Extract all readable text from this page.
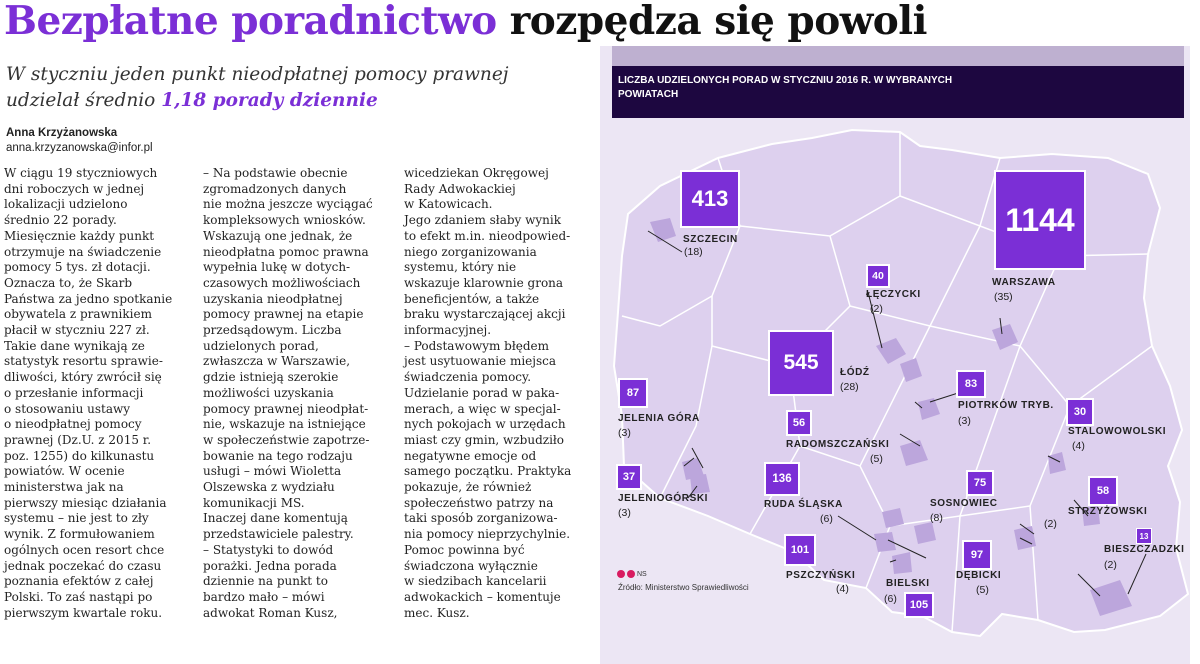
Bezpłatne poradnictwo rozpędza się powoli
W styczniu jeden punkt nieodpłatnej pomocy prawnej udzielał średnio 1,18 porady dziennie
Anna Krzyżanowska
anna.krzyzanowska@infor.pl

W ciągu 19 styczniowych
dni roboczych w jednej
lokalizacji udzielono
średnio 22 porady.
Miesięcznie każdy punkt
otrzymuje na świadczenie
pomocy 5 tys. zł dotacji.
Oznacza to, że Skarb
Państwa za jedno spotkanie
obywatela z prawnikiem
płacił w styczniu 227 zł.
Takie dane wynikają ze
statystyk resortu sprawie-
dliwości, który zwrócił się
o przesłanie informacji
o stosowaniu ustawy
o nieodpłatnej pomocy
prawnej (Dz.U. z 2015 r.
poz. 1255) do kilkunastu
powiatów. W ocenie
ministerstwa jak na
pierwszy miesiąc działania
systemu – nie jest to zły
wynik. Z formułowaniem
ogólnych ocen resort chce
jednak poczekać do czasu
poznania efektów z całej
Polski. To zaś nastąpi po
pierwszym kwartale roku.

– Na podstawie obecnie
zgromadzonych danych
nie można jeszcze wyciągać
kompleksowych wniosków.
Wskazują one jednak, że
nieodpłatna pomoc prawna
wypełnia lukę w dotych-
czasowych możliwościach
uzyskania nieodpłatnej
pomocy prawnej na etapie
przedsądowym. Liczba
udzielonych porad,
zwłaszcza w Warszawie,
gdzie istnieją szerokie
możliwości uzyskania
pomocy prawnej nieodpłat-
nie, wskazuje na istniejące
w społeczeństwie zapotrze-
bowanie na tego rodzaju
usługi – mówi Wioletta
Olszewska z wydziału
komunikacji MS.
Inaczej dane komentują
przedstawiciele palestry.
– Statystyki to dowód
porażki. Jedna porada
dziennie na punkt to
bardzo mało – mówi
adwokat Roman Kusz,

wicedziekan Okręgowej
Rady Adwokackiej
w Katowicach.
Jego zdaniem słaby wynik
to efekt m.in. nieodpowied-
niego zorganizowania
systemu, który nie
wskazuje klarownie grona
beneficjentów, a także
braku wystarczającej akcji
informacyjnej.
– Podstawowym błędem
jest usytuowanie miejsca
świadczenia pomocy.
Udzielanie porad w paka-
merach, a więc w specjal-
nych pokojach w urzędach
miast czy gmin, wzbudziło
negatywne emocje od
samego początku. Praktyka
pokazuje, że również
społeczeństwo patrzy na
taki sposób zorganizowa-
nia pomocy nieprzychylnie.
Pomoc powinna być
świadczona wyłącznie
w siedzibach kancelarii
adwokackich – komentuje
mec. Kusz.

LICZBA UDZIELONYCH PORAD W STYCZNIU 2016 R. W WYBRANYCH POWIATACH

413
SZCZECIN
(18)
1144
WARSZAWA
(35)
40
ŁĘCZYCKI
(2)
545	ŁÓDŹ
(28)
87
JELENIA GÓRA
(3)
83
PIOTRKÓW TRYB.
(3)
56
RADOMSZCZAŃSKI
(5)
30
STALOWOWOLSKI
(4)
37
JELENIOGÓRSKI
(3)
136
RUDA ŚLĄSKA
(6)
75
SOSNOWIEC
(8)
58
STRZYŻOWSKI
(2)
13
BIESZCZADZKI
(2)
101
PSZCZYŃSKI
(4)
97
DĘBICKI
(5)
105
BIELSKI
(6)
NS
Źródło: Ministerstwo Sprawiedliwości
